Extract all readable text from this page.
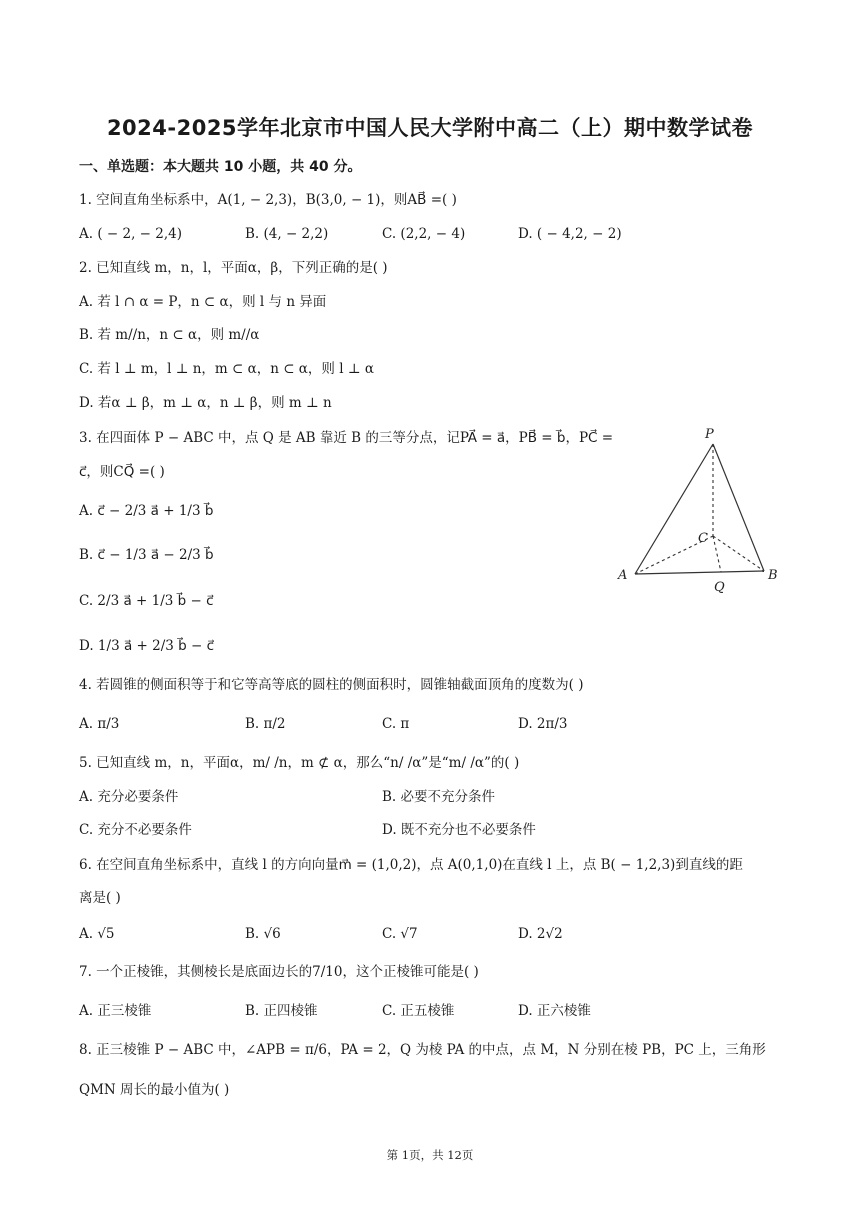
2024-2025学年北京市中国人民大学附中高二（上）期中数学试卷
一、单选题：本大题共 10 小题，共 40 分。
1. 空间直角坐标系中，A(1, − 2,3)，B(3,0, − 1)，则AB⃗ =( )
A. ( − 2, − 2,4)	B. (4, − 2,2)	C. (2,2, − 4)	D. ( − 4,2, − 2)
2. 已知直线 m，n，l，平面α，β，下列正确的是( )
A. 若 l ∩ α = P，n ⊂ α，则 l 与 n 异面
B. 若 m//n，n ⊂ α，则 m//α
C. 若 l ⊥ m，l ⊥ n，m ⊂ α，n ⊂ α，则 l ⊥ α
D. 若α ⊥ β，m ⊥ α，n ⊥ β，则 m ⊥ n
3. 在四面体 P − ABC 中，点 Q 是 AB 靠近 B 的三等分点，记PA⃗ = a⃗，PB⃗ = b⃗，PC⃗ =
c⃗，则CQ⃗ =( )
A. c⃗ − 2/3 a⃗ + 1/3 b⃗
B. c⃗ − 1/3 a⃗ − 2/3 b⃗
C. 2/3 a⃗ + 1/3 b⃗ − c⃗
D. 1/3 a⃗ + 2/3 b⃗ − c⃗
P
A	B
C
Q
4. 若圆锥的侧面积等于和它等高等底的圆柱的侧面积时，圆锥轴截面顶角的度数为( )
A. π/3	B. π/2	C. π	D. 2π/3
5. 已知直线 m，n，平面α，m/ /n，m ⊄ α，那么“n/ /α”是“m/ /α”的( )
A. 充分必要条件	B. 必要不充分条件
C. 充分不必要条件	D. 既不充分也不必要条件
6. 在空间直角坐标系中，直线 l 的方向向量m⃗ = (1,0,2)，点 A(0,1,0)在直线 l 上，点 B( − 1,2,3)到直线的距
离是( )
A. √5	B. √6	C. √7	D. 2√2
7. 一个正棱锥，其侧棱长是底面边长的7/10，这个正棱锥可能是( )
A. 正三棱锥	B. 正四棱锥	C. 正五棱锥	D. 正六棱锥
8. 正三棱锥 P − ABC 中，∠APB = π/6，PA = 2，Q 为棱 PA 的中点，点 M，N 分别在棱 PB，PC 上，三角形
QMN 周长的最小值为( )
第 1页，共 12页
